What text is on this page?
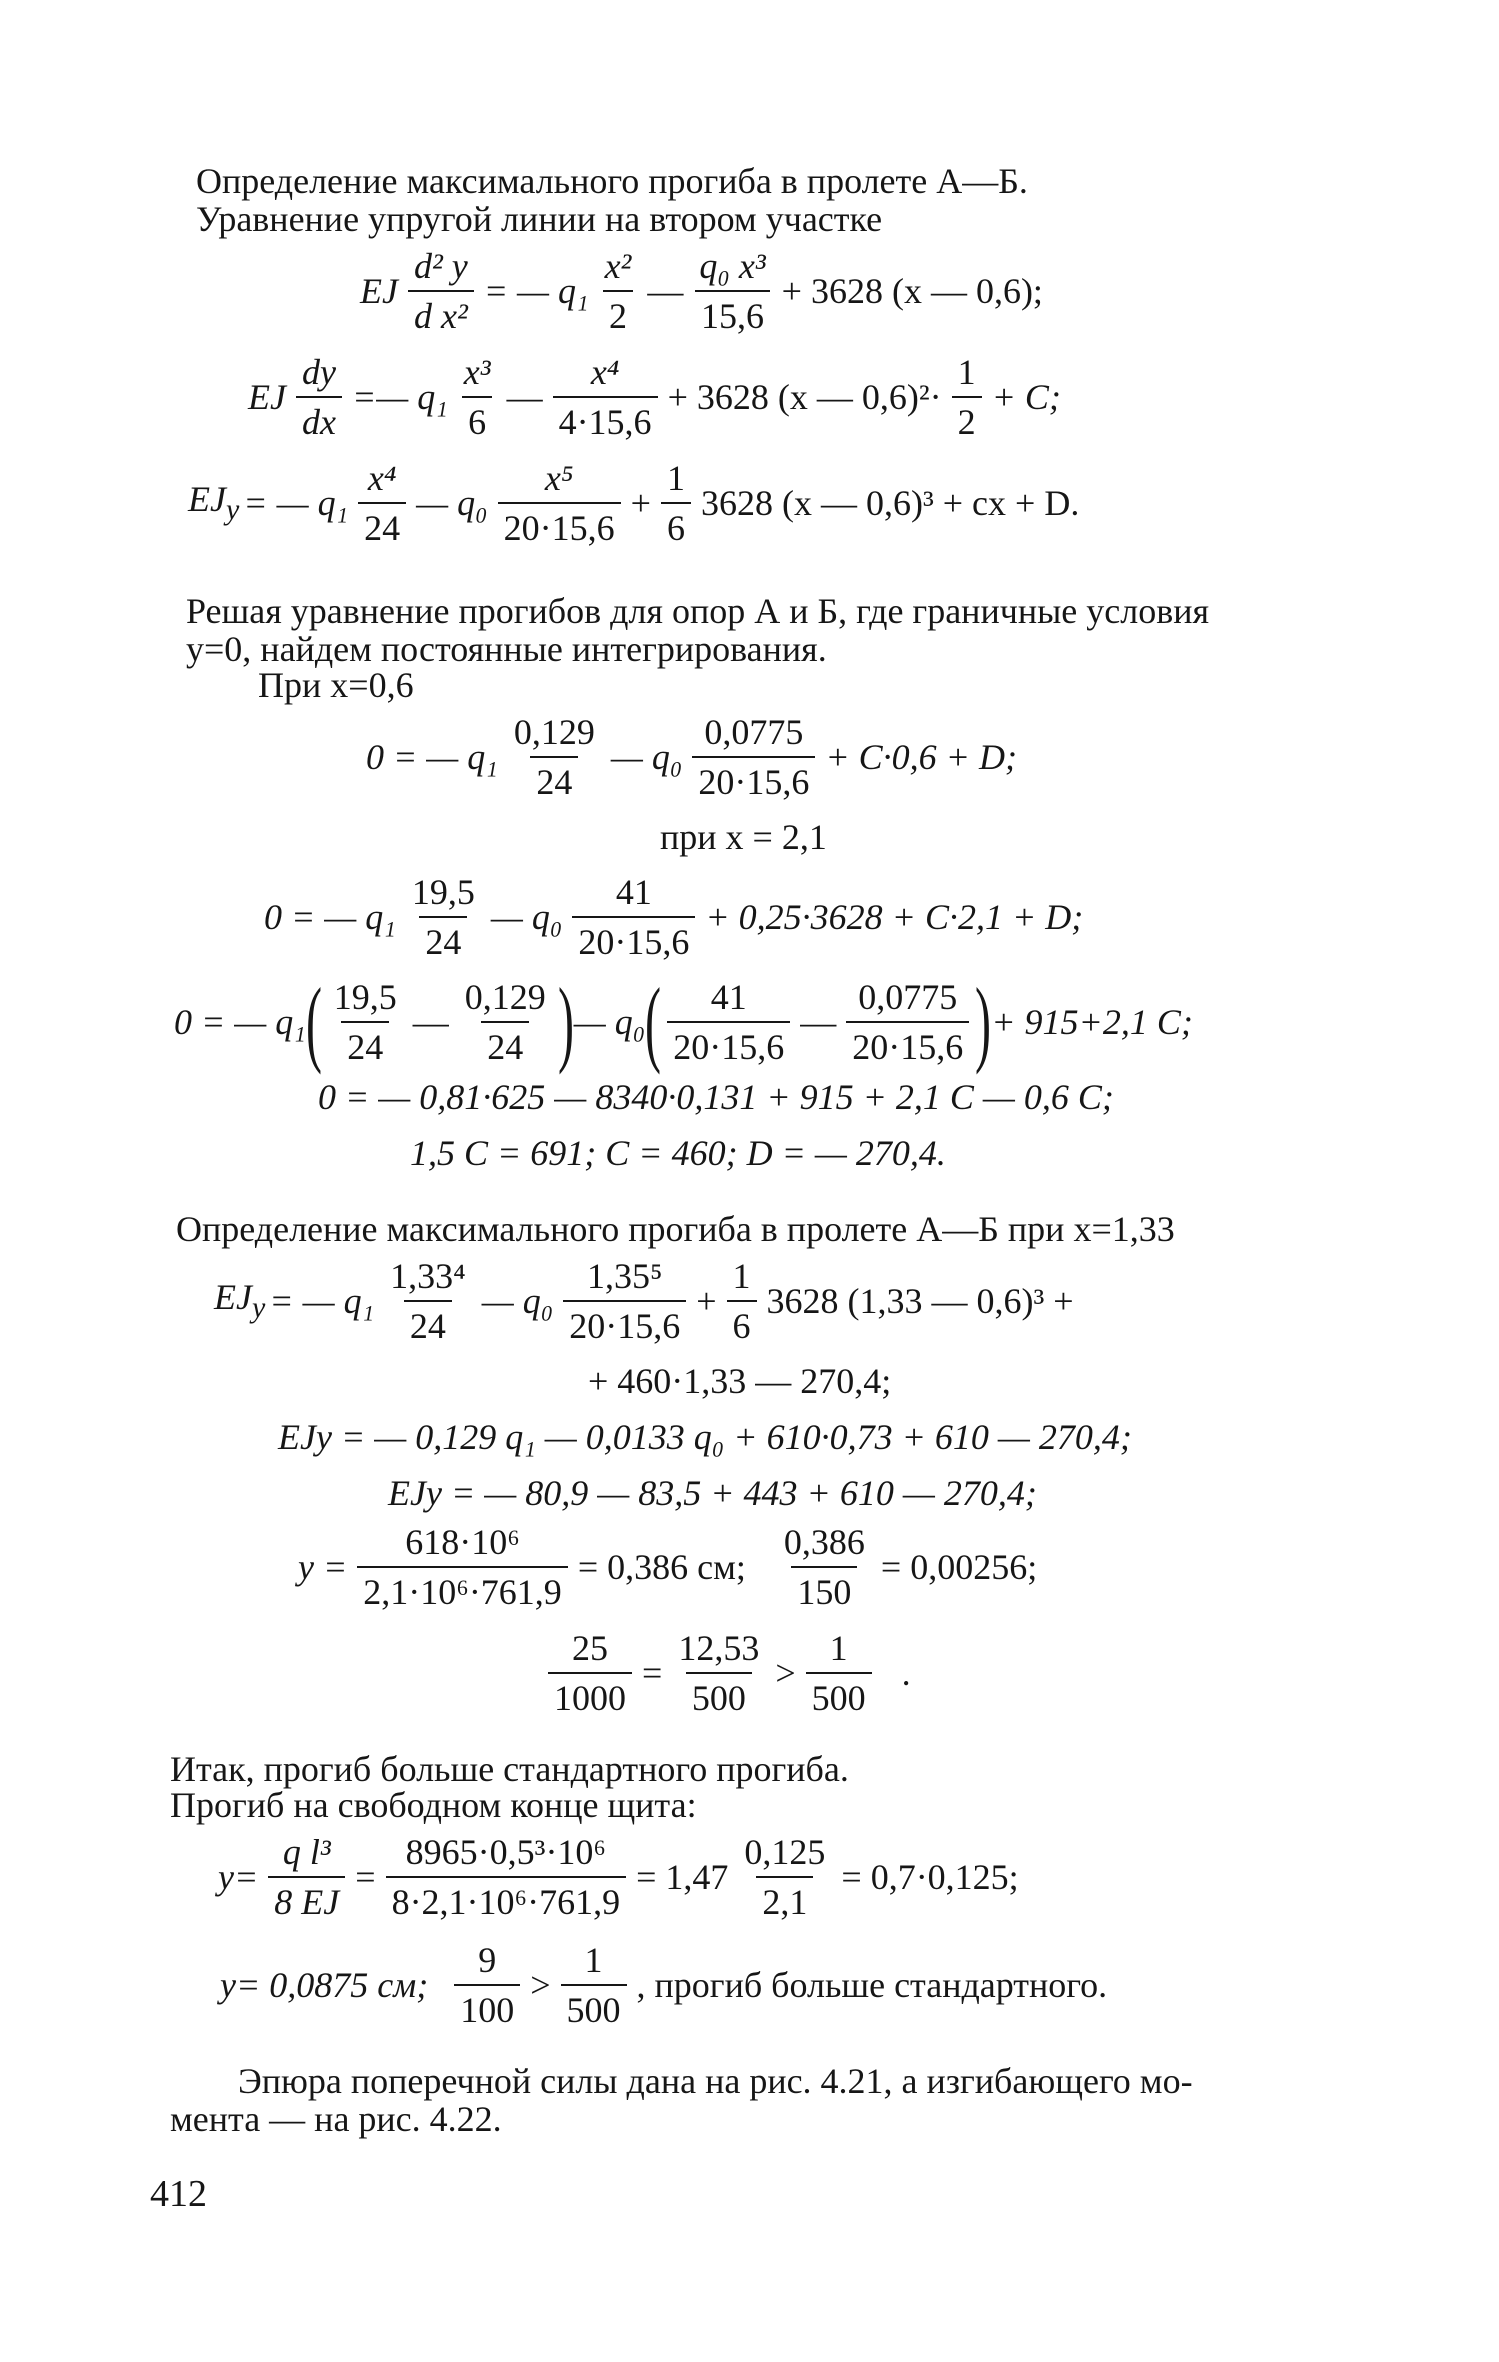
Определение максимального прогиба в пролете А—Б.
Уравнение упругой линии на втором участке
EJ $\frac{\text{d² y}}{\text{d x²}}$ = — $q_1 \frac{\text{x²}}{2}$ — $\frac{\text{q₀ x³}}{15,6} + 3628$ (x — 0,6);
EJ $\frac{dy}{dx}$ =— $q_1 \frac{\text{x³}}{6}$ — $\frac{\text{x⁴}}{4\cdot 15,6} + 3628$ (x — $0,6)^2\cdot \frac{1}{2} + C$;
$EJ_y$ = — $q_1 \frac{\text{x⁴}}{24}$ — $q_0 \frac{\text{x⁵}}{20\cdot 15,6} + \frac{1}{6} 3628$ (x — 0,6)³ + cx + D.
Решая уравнение прогибов для опор А и Б, где граничные условия
y=0, найдем постоянные интегрирования.
При x=0,6
0 = — $q_1 \frac{0,129}{24}$ — $q_0 \frac{0,0775}{20\cdot 15,6} + C\cdot 0,6 + D$;
при x = 2,1
0 = — $q_1 \frac{19,5}{24}$ — $q_0 \frac{41}{20\cdot 15,6} + 0,25\cdot 3628 + C\cdot 2,1 + D$;
0 = — q₁ ( $\frac{19,5}{24}$ — $\frac{0,129}{24}$ ) — q₀ ( $\frac{41}{20\cdot 15,6}$ — $\frac{0,0775}{20\cdot 15,6}$ ) + 915+2,1 C;
0 = — 0,81·625 — 8340·0,131 + 915 + 2,1 C — 0,6 C;
1,5 C = 691; C = 460; D = — 270,4.
Определение максимального прогиба в пролете А—Б при x=1,33
$EJ_y$ = — $q_1 \frac{\text{1,33⁴}}{24}$ — $q_0 \frac{\text{1,35⁵}}{20\cdot 15,6} + \frac{1}{6} 3628$ (1,33 — 0,6)³ +
+ 460·1,33 — 270,4;
EJy = — 0,129 q₁ — 0,0133 q₀ + 610·0,73 + 610 — 270,4;
EJy = — 80,9 — 83,5 + 443 + 610 — 270,4;
$y = \frac{\text{618·10⁶}}{\text{2,1·10⁶·761,9}} = 0,386$ см; $\frac{0,386}{150} = 0,00256$;
$\frac{25}{1000} = \frac{12,53}{500} > \frac{1}{500}$ .
Итак, прогиб больше стандартного прогиба.
Прогиб на свободном конце щита:
$y= \frac{\text{q l³}}{8 EJ} = \frac{\text{8965·0,5³·10⁶}}{\text{8·2,1·10⁶·761,9}} = 1,47 \frac{0,125}{2,1} = 0,7\cdot 0,125$;
y= 0,0875 см; $\frac{9}{100} > \frac{1}{500}$ , прогиб больше стандартного.
Эпюра поперечной силы дана на рис. 4.21, а изгибающего мо-
мента — на рис. 4.22.
412
